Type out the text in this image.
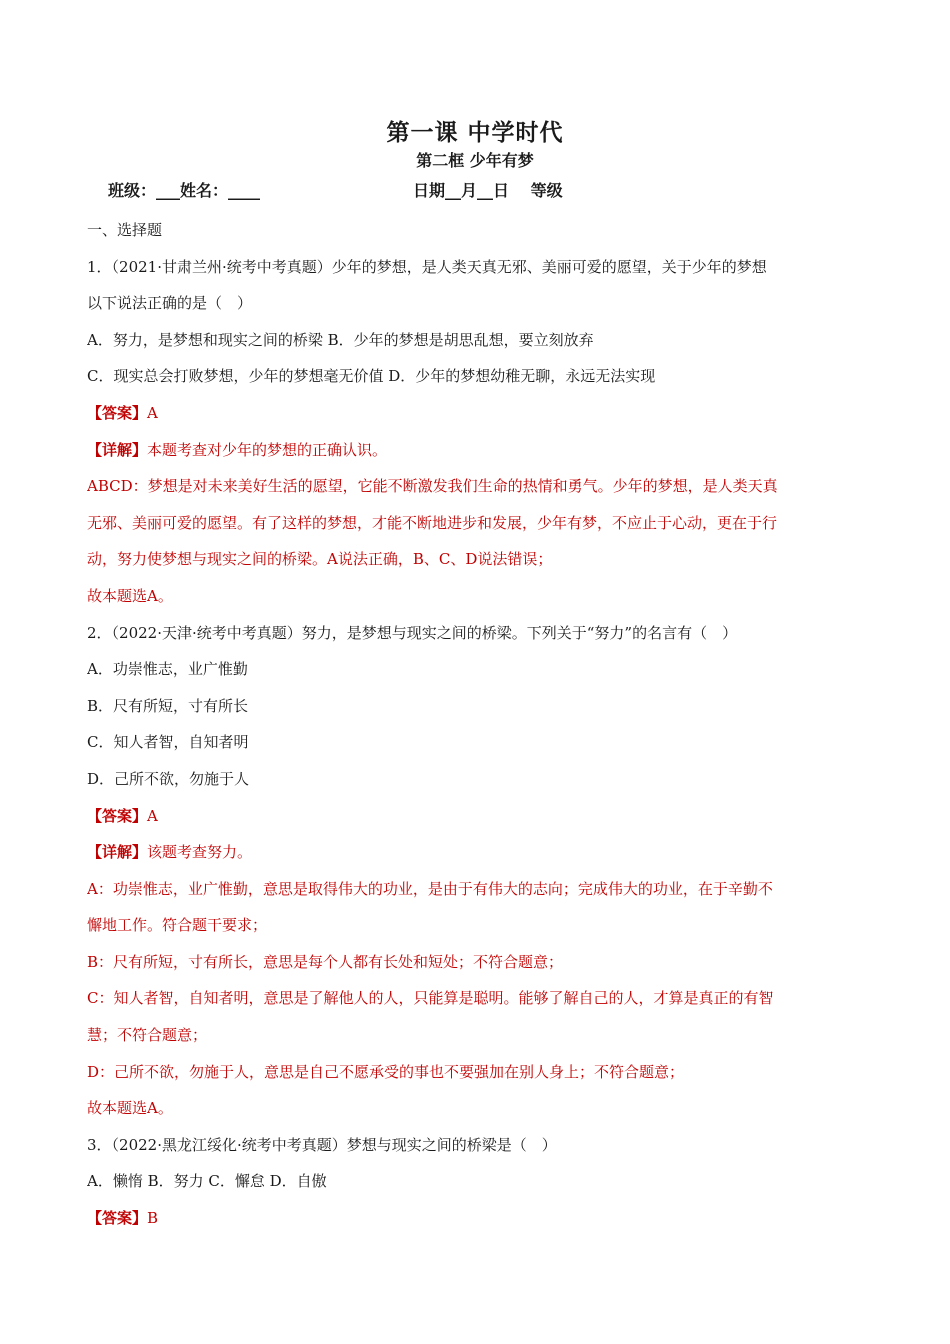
第一课 中学时代
第二框 少年有梦
班级：___姓名：____	日期__月__日　 等级
一、选择题
1．（2021·甘肃兰州·统考中考真题）少年的梦想，是人类天真无邪、美丽可爱的愿望，关于少年的梦想
以下说法正确的是（　）
A．努力，是梦想和现实之间的桥梁 B．少年的梦想是胡思乱想，要立刻放弃
C．现实总会打败梦想，少年的梦想毫无价值 D．少年的梦想幼稚无聊，永远无法实现
【答案】A
【详解】本题考查对少年的梦想的正确认识。
ABCD：梦想是对未来美好生活的愿望，它能不断激发我们生命的热情和勇气。少年的梦想，是人类天真
无邪、美丽可爱的愿望。有了这样的梦想，才能不断地进步和发展，少年有梦，不应止于心动，更在于行
动，努力使梦想与现实之间的桥梁。A说法正确，B、C、D说法错误；
故本题选A。
2．（2022·天津·统考中考真题）努力，是梦想与现实之间的桥梁。下列关于“努力”的名言有（　）
A．功崇惟志，业广惟勤
B．尺有所短，寸有所长
C．知人者智，自知者明
D．己所不欲，勿施于人
【答案】A
【详解】该题考查努力。
A：功崇惟志，业广惟勤，意思是取得伟大的功业，是由于有伟大的志向；完成伟大的功业，在于辛勤不
懈地工作。符合题干要求；
B：尺有所短，寸有所长，意思是每个人都有长处和短处；不符合题意；
C：知人者智，自知者明，意思是了解他人的人，只能算是聪明。能够了解自己的人，才算是真正的有智
慧；不符合题意；
D：己所不欲，勿施于人，意思是自己不愿承受的事也不要强加在别人身上；不符合题意；
故本题选A。
3．（2022·黑龙江绥化·统考中考真题）梦想与现实之间的桥梁是（　）
A．懒惰 B．努力 C．懈怠 D．自傲
【答案】B
